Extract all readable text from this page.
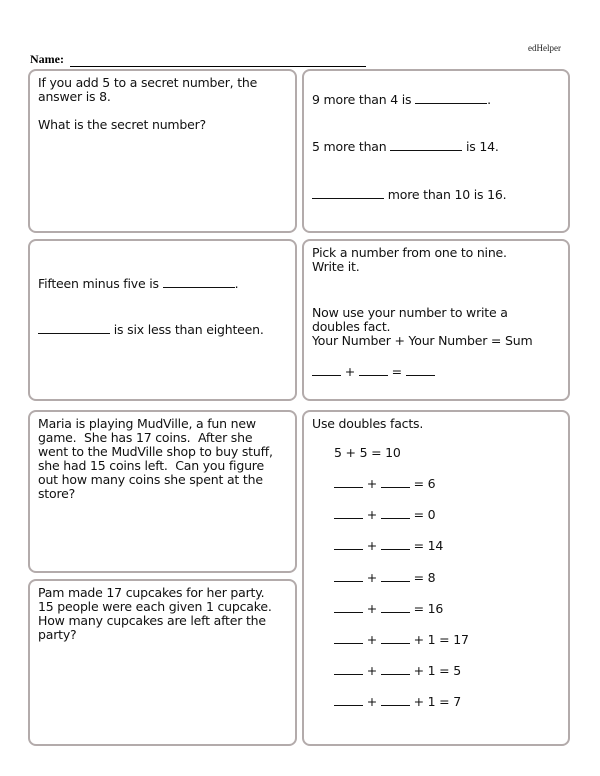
edHelper
Name:
If you add 5 to a secret number, the
answer is 8.
What is the secret number?
9 more than 4 is	.
5 more than	is 14.
more than 10 is 16.
Fifteen minus five is	.
is six less than eighteen.
Pick a number from one to nine.
Write it.
Now use your number to write a
doubles fact.
Your Number + Your Number = Sum
+  =
Maria is playing MudVille, a fun new
game.  She has 17 coins.  After she
went to the MudVille shop to buy stuff,
she had 15 coins left.  Can you figure
out how many coins she spent at the
store?
Pam made 17 cupcakes for her party.
15 people were each given 1 cupcake.
How many cupcakes are left after the
party?
Use doubles facts.
5 + 5 = 10
+  = 6
+  = 0
+  = 14
+  = 8
+  = 16
+  + 1 = 17
+  + 1 = 5
+  + 1 = 7
